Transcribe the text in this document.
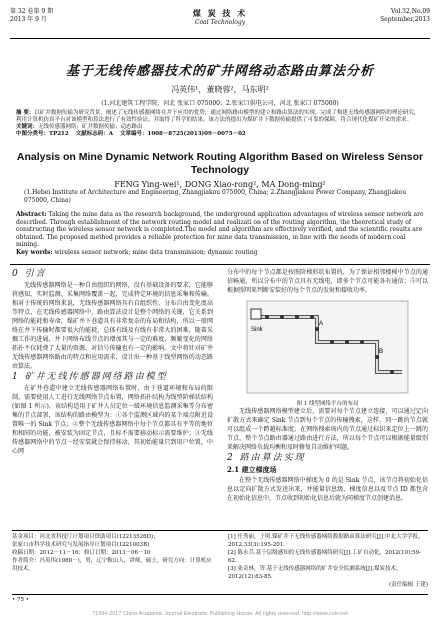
第 32 卷第 9 期
2013 年 9 月
煤 炭 技 术
Coal Technology
Vol.32,No.09
September,2013
基于无线传感器技术的矿井网络动态路由算法分析
冯英伟¹，董晓蓉²，马东明²
(1.河北建筑工程学院，河北 张家口 075000；2.张家口供电公司，河北 张家口 075000)
摘 要：以矿井数据传输为研究背景，阐述了无线传感器网络在井下应用的优势，通过网络路由模型的建立和路由算法的实现，完成了构建无线传感器网络的理论研究，利用计算机仿真平台对该模型和算法进行了有效性验证，并取得了科学的结果，该方法的提出为煤矿井下数据传输提供了可靠的保障，符合现代化煤矿开采的需求。
关键词：无线传感器网络；矿井数据传输；动态路由
中图分类号：TP212 文献标志码：A 文章编号：1008－8725(2013)09－0075－02
Analysis on Mine Dynamic Network Routing Algorithm Based on Wireless Sensor Technology
FENG Ying-wei¹, DONG Xiao-rong², MA Dong-ming²
(1.Hebei Institute of Architecture and Engineering, Zhangjiakou 075000, China; 2.Zhangjiakou Power Company, Zhangjiakou 075000, China)
Abstract: Taking the mine data as the research background, the underground application advantages of wireless sensor network are described. Through establishment of the network routing model and realizati on of the routing algorithm, the theoretical study of constructing the wireless sensor network is completed.The model and algorithm are effectively verified, and the scientific results are obtained. The proposed method provides a reliable protection for mine data transmission, in line with the needs of modern coal mining.
Key words: wireless sensor network; mine data transmission; dynamic routing
0 引言

无线传感器网络是一种自由组织的网络，没有基础设备的要求，它能够将感知、实时监测、采集网络覆盖一起，完成特定环境的信息采集和传输。相对于传统的网络来说，无线传感器网络具有自组织性、分布自由变化度高等特点，在无线传感器网络中，路由算法设计是整个网络的关键，它关系到网络的能耗和寿命，煤矿井下巷道具有非常复杂的布局和结构，所以一般网络在井下传输时都要很大的能耗，总体有线及有线有非常大的困难，随着采掘工作的进展，井下网络布线节点的增加其与一定的难度，频繁变化的网络拓扑不仅耗费了大量的资源，对信号传输也有一定的影响。文中将针对矿井无线传感器网络路由的特点和应用需求，设计出一种基于线型网络的动态路由算法。

1 矿井无线传感器网络路由模型

在矿井巷道中建立无线传感器网络布置时，由于巷道环境和布局的限制，需要使用人工进行无线网络节点布置，网络拓扑结构为线型阶梯状结构(如图 1 所示)，该结构适用于矿井人员定位一级环境信息监测采集等分布密集的节点部署，该结构的路由模型为：①各个监测区域内的某个端点附近设置唯一的 Sink 节点；②整个无线传感器网络中每个节点都具有平等的地位和相同的功能，被安装为固定节点，且标不需要移动标示需要维护；③无线传感器网络中的节点一经安装就会保持移动，其初始能量只到用户位置，中心网

分布中的每个节点都是按照阶梯形状布置的，为了保证相邻楼梯中节点的通信畅通，所以分布中的节点具有无线电，即多个节点可能各有通信；⑤可以根据照明来判断安装好的每个节点的发射和接收功率。

Sink
A
B
图 1 线型网络平台的布局

无线传感器网络模型建立后，需要对每个节点建立连接，可以通过定向扩散方式来确定 Sink 节点到每个节点的传输搜索，这样，同一跳的节点就可以组成一个跨越标准度。在网络搜索场内的节点通过标识来定位上一跳的节点，整个节点路由器通过路由进行方法，所以每个节点可以根据能量级别来解决网络负载均衡和及时修复自动维护问题。

2 路由算法实现
2.1 建立梯度场

在整个无线传感器网络中梯度为 0 的是 Sink 节点，该节点将初始化信息以定向扩散方式发送出来，并能量信息级、梯度信息以及节点 ID 都包含在初始化信息中，节点收到初始化信息后就为同梯度节点创建消息，

基金项目：河北省科技厅计划项目资助项目(12213526D)；
张家口市科学技术研究与发展指导计划项目(1221003B)
收稿日期：2012－11－16；修订日期：2013－06－10
作者简介：冯英伟(1980－)，男，辽宁鞍山人，讲师，硕士，研究方向：计算机应用技术。
[1] 任秀丽，王明.煤矿井下无线传感器网络数据路由算法研究[J].中北大学学报，2012,33(3):195-201.
[2] 陈永兵.基于层级感知的无线传感器网络研究[J].工矿自动化，2012(10):59-62.
[3] 张奇林，等.基于无线传感器网络的矿井安全监测系统[J].煤炭技术，2012(12):83-85.
(责任编辑 王建)
• 75 •
?1994-2017 China Academic Journal Electronic Publishing House. All rights reserved. http://www.cnki.net
